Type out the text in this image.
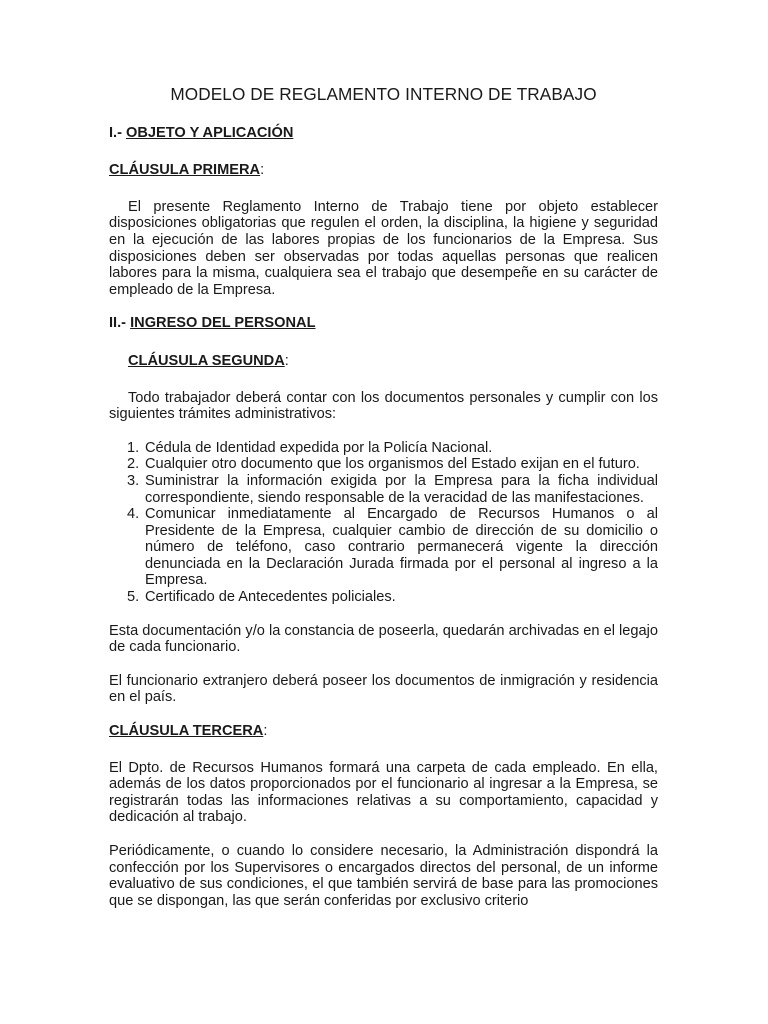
MODELO DE REGLAMENTO INTERNO DE TRABAJO
I.- OBJETO Y APLICACIÓN
CLÁUSULA PRIMERA:

El presente Reglamento Interno de Trabajo tiene por objeto establecer disposiciones obligatorias que regulen el orden, la disciplina, la higiene y seguridad en la ejecución de las labores propias de los funcionarios de la Empresa. Sus disposiciones deben ser observadas por todas aquellas personas que realicen labores para la misma, cualquiera sea el trabajo que desempeñe en su carácter de empleado de la Empresa.

II.- INGRESO DEL PERSONAL
CLÁUSULA SEGUNDA:

Todo trabajador deberá contar con los documentos personales y cumplir con los siguientes trámites administrativos:

1. Cédula de Identidad expedida por la Policía Nacional.
2. Cualquier otro documento que los organismos del Estado exijan en el futuro.
3. Suministrar la información exigida por la Empresa para la ficha individual correspondiente, siendo responsable de la veracidad de las manifestaciones.
4. Comunicar inmediatamente al Encargado de Recursos Humanos o al Presidente de la Empresa, cualquier cambio de dirección de su domicilio o número de teléfono, caso contrario permanecerá vigente la dirección denunciada en la Declaración Jurada firmada por el personal al ingreso a la Empresa.
5. Certificado de Antecedentes policiales.

Esta documentación y/o la constancia de poseerla, quedarán archivadas en el legajo de cada funcionario.

El funcionario extranjero deberá poseer los documentos de inmigración y residencia en el país.

CLÁUSULA TERCERA:

El Dpto. de Recursos Humanos formará una carpeta de cada empleado. En ella, además de los datos proporcionados por el funcionario al ingresar a la Empresa, se registrarán todas las informaciones relativas a su comportamiento, capacidad y dedicación al trabajo.

Periódicamente, o cuando lo considere necesario, la Administración dispondrá la confección por los Supervisores o encargados directos del personal, de un informe evaluativo de sus condiciones, el que también servirá de base para las promociones que se dispongan, las que serán conferidas por exclusivo criterio
